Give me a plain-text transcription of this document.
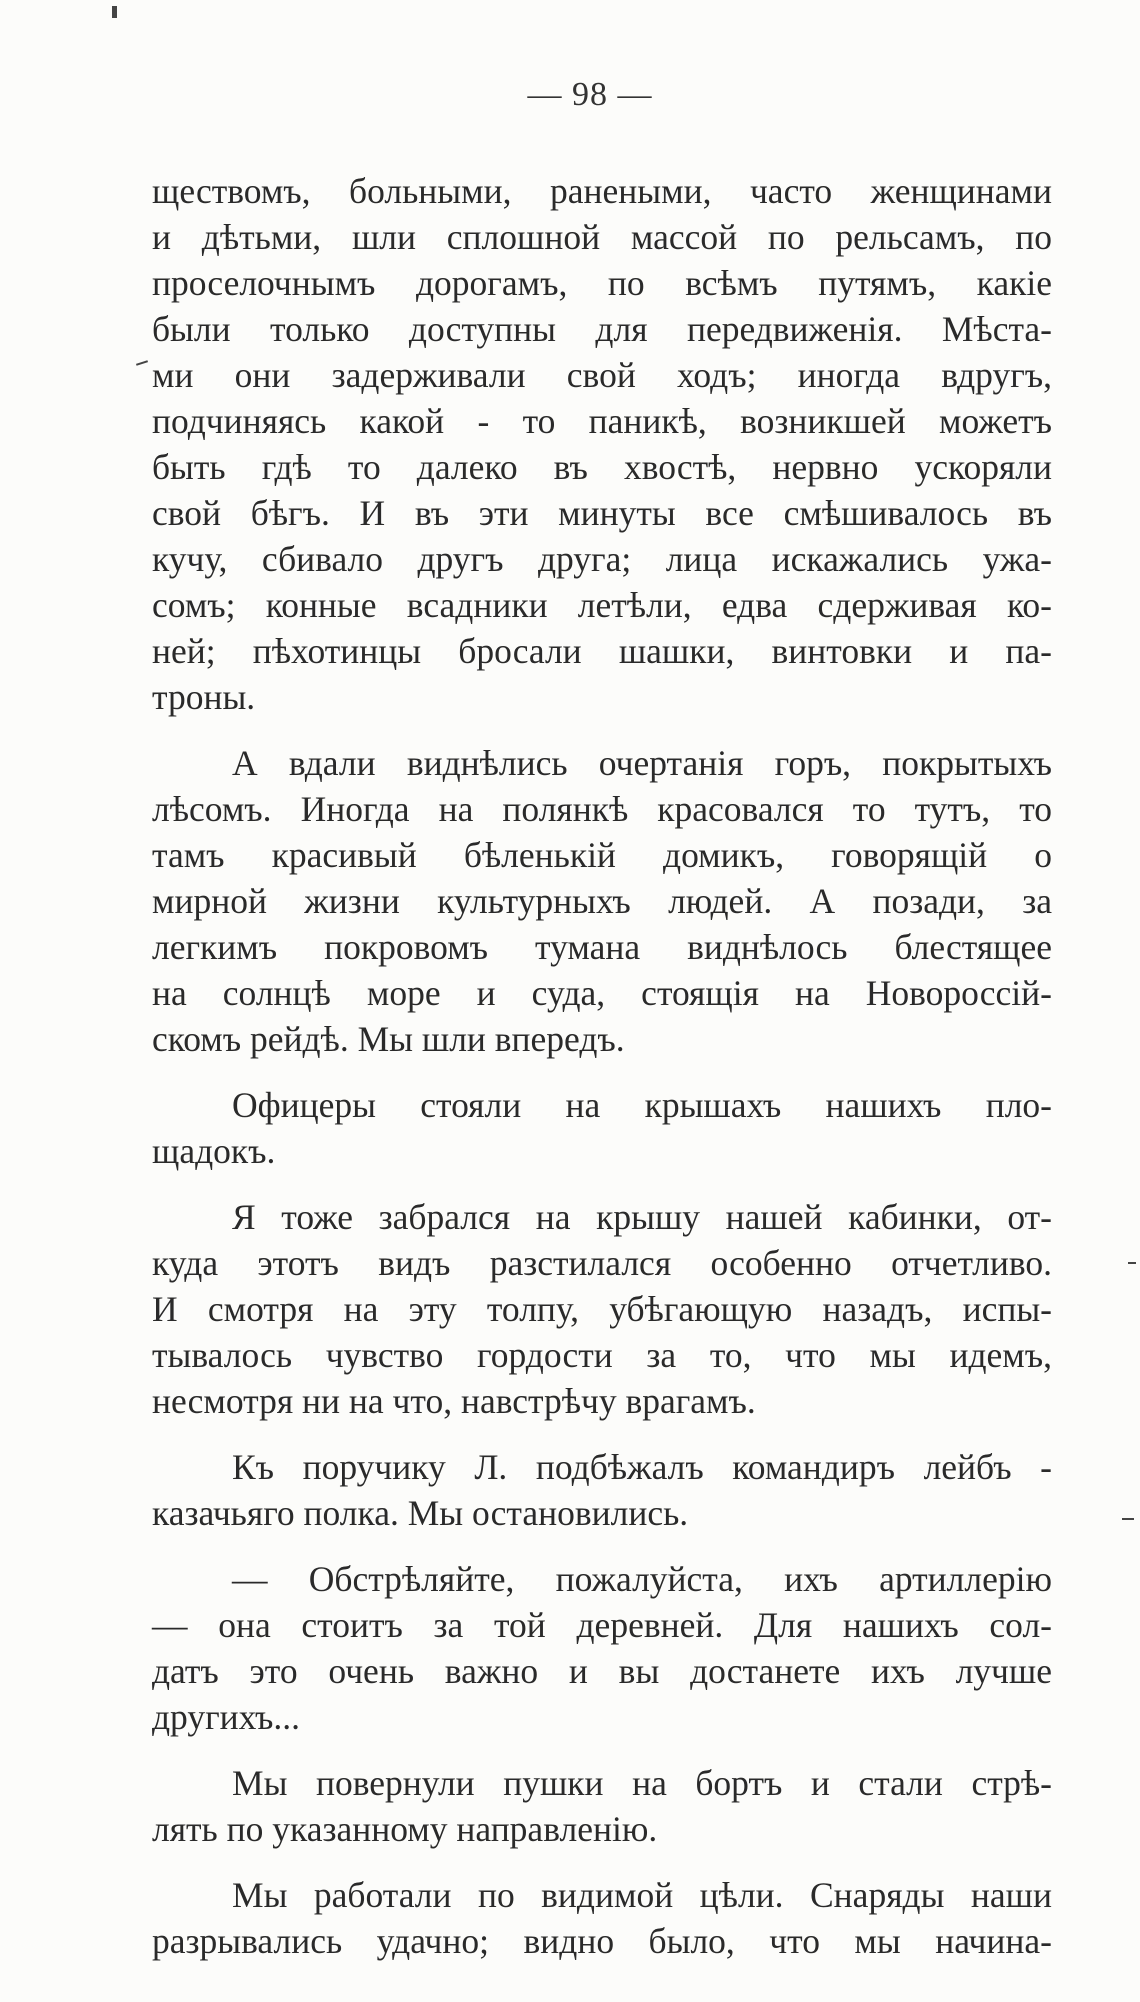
— 98 —
ществомъ, больными, ранеными, часто женщинами
и дѣтьми, шли сплошной массой по рельсамъ, по
проселочнымъ дорогамъ, по всѣмъ путямъ, какіе
были только доступны для передвиженія. Мѣста-
ми они задерживали свой ходъ; иногда вдругъ,
подчиняясь какой - то паникѣ, возникшей можетъ
быть гдѣ то далеко въ хвостѣ, нервно ускоряли
свой бѣгъ. И въ эти минуты все смѣшивалось въ
кучу, сбивало другъ друга; лица искажались ужа-
сомъ; конные всадники летѣли, едва сдерживая ко-
ней; пѣхотинцы бросали шашки, винтовки и па-
троны.
А вдали виднѣлись очертанія горъ, покрытыхъ
лѣсомъ. Иногда на полянкѣ красовался то тутъ, то
тамъ красивый бѣленькій домикъ, говорящій о
мирной жизни культурныхъ людей. А позади, за
легкимъ покровомъ тумана виднѣлось блестящее
на солнцѣ море и суда, стоящія на Новороссій-
скомъ рейдѣ. Мы шли впередъ.
Офицеры стояли на крышахъ нашихъ пло-
щадокъ.
Я тоже забрался на крышу нашей кабинки, от-
куда этотъ видъ разстилался особенно отчетливо.
И смотря на эту толпу, убѣгающую назадъ, испы-
тывалось чувство гордости за то, что мы идемъ,
несмотря ни на что, навстрѣчу врагамъ.
Къ поручику Л. подбѣжалъ командиръ лейбъ -
казачьяго полка. Мы остановились.
— Обстрѣляйте, пожалуйста, ихъ артиллерію
— она стоитъ за той деревней. Для нашихъ сол-
датъ это очень важно и вы достанете ихъ лучше
другихъ...
Мы повернули пушки на бортъ и стали стрѣ-
лять по указанному направленію.
Мы работали по видимой цѣли. Снаряды наши
разрывались удачно; видно было, что мы начина-
